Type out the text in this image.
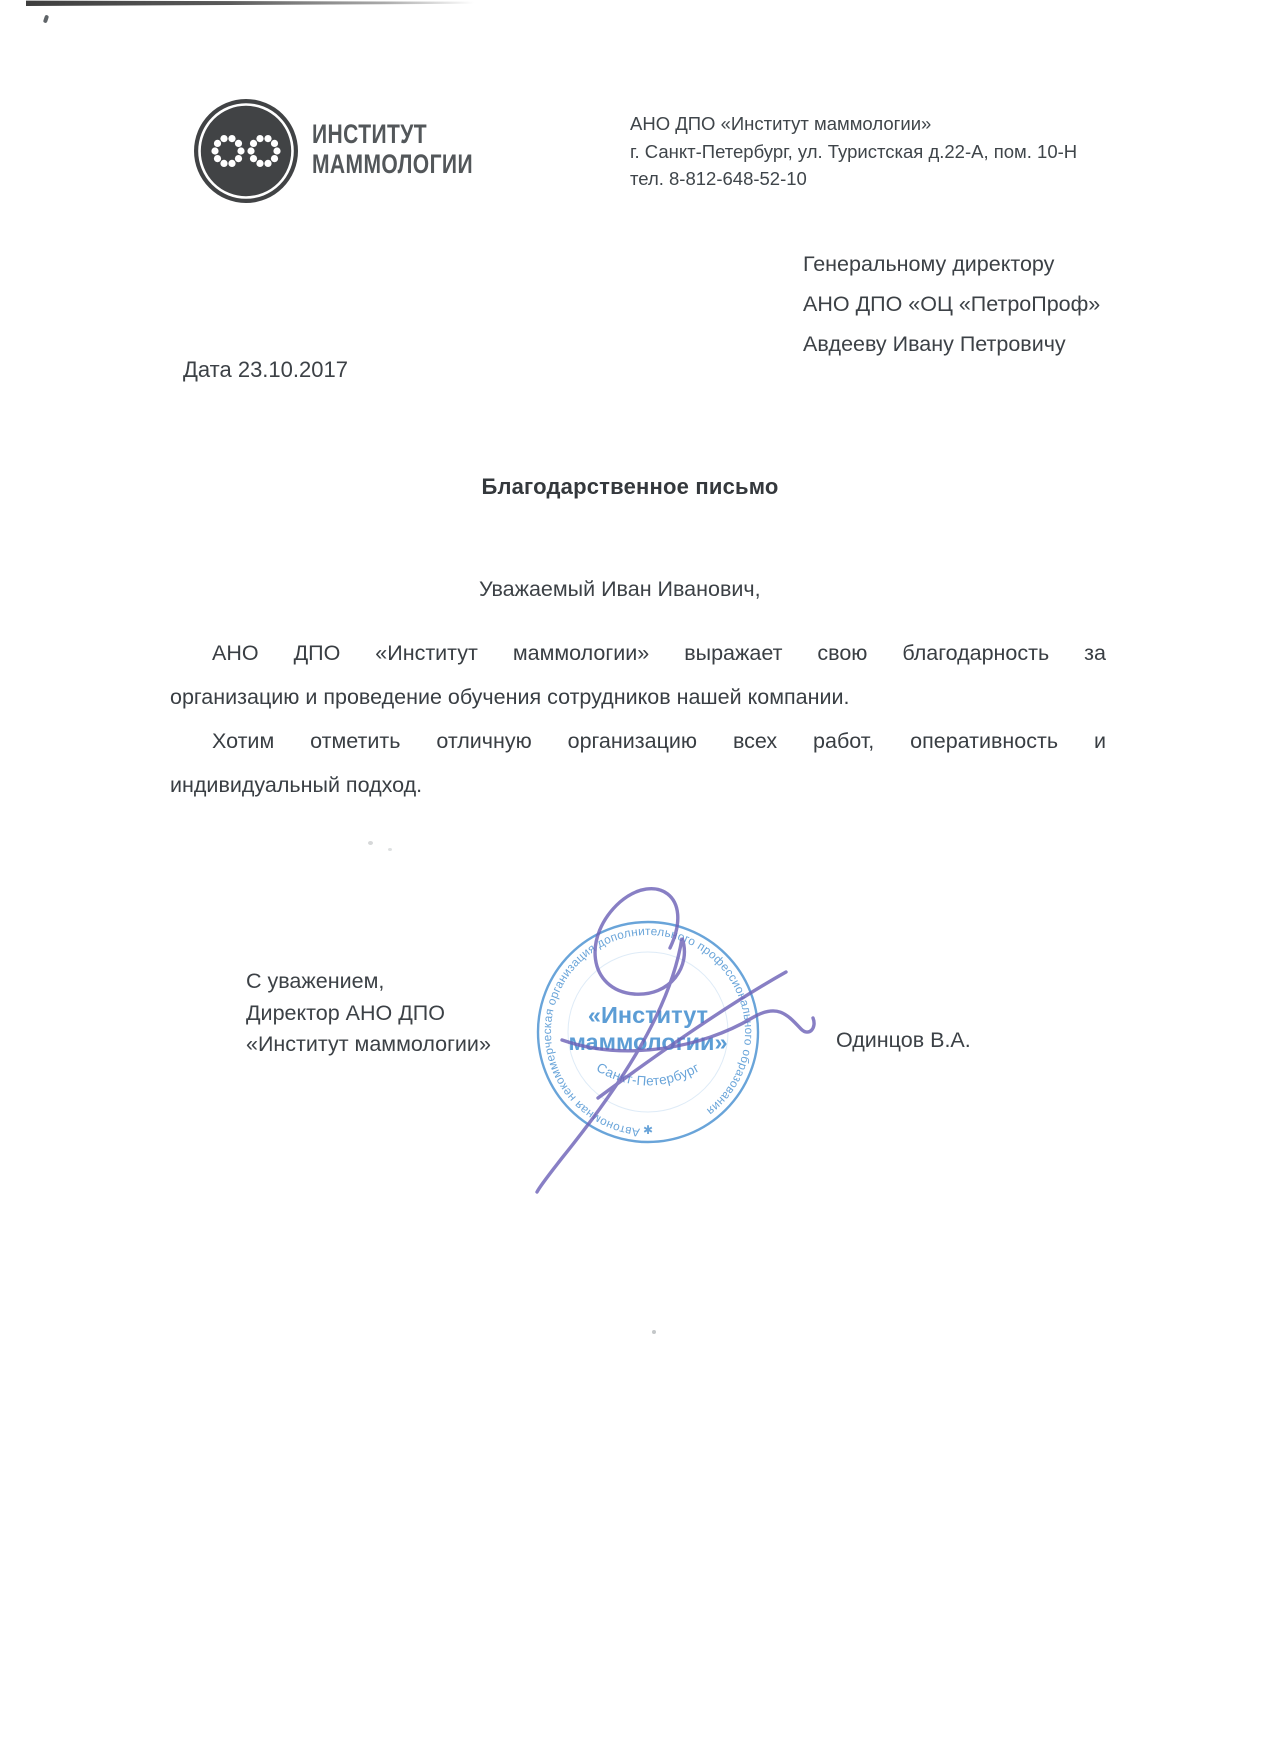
ИНСТИТУТ
МАММОЛОГИИ
АНО ДПО «Институт маммологии»
г. Санкт-Петербург, ул. Туристская д.22-А, пом. 10-Н
тел. 8-812-648-52-10
Генеральному директору
АНО ДПО «ОЦ «ПетроПроф»
Авдееву Ивану Петровичу
Дата 23.10.2017
Благодарственное письмо
Уважаемый Иван Иванович,
АНО ДПО «Институт маммологии» выражает свою благодарность за
организацию и проведение обучения сотрудников нашей компании.
Хотим отметить отличную организацию всех работ, оперативность и
индивидуальный подход.
С уважением,
Директор АНО ДПО
«Институт маммологии»
Автономная некоммерческая организация дополнительного профессионального образования
✱
«Институт
маммологии»
Санкт-Петербург
Одинцов В.А.
